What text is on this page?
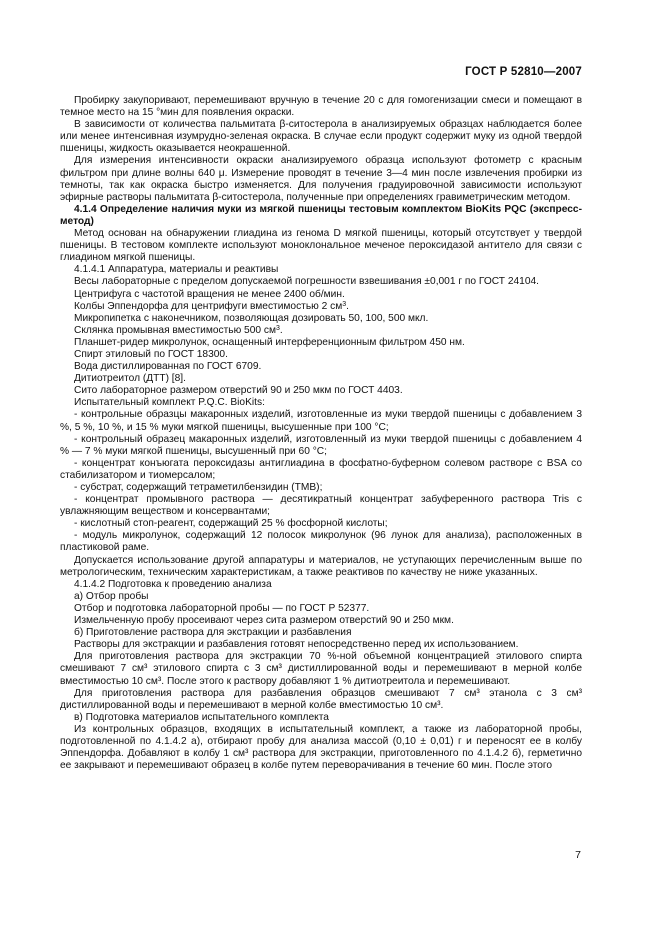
ГОСТ Р 52810—2007

Пробирку закупоривают, перемешивают вручную в течение 20 с для гомогенизации смеси и помещают в темное место на 15 °мин для появления окраски.

В зависимости от количества пальмитата β-ситостерола в анализируемых образцах наблюдается более или менее интенсивная изумрудно-зеленая окраска. В случае если продукт содержит муку из одной твердой пшеницы, жидкость оказывается неокрашенной.

Для измерения интенсивности окраски анализируемого образца используют фотометр с красным фильтром при длине волны 640 μ. Измерение проводят в течение 3—4 мин после извлечения пробирки из темноты, так как окраска быстро изменяется. Для получения градуировочной зависимости используют эфирные растворы пальмитата β-ситостерола, полученные при определениях гравиметрическим методом.

4.1.4 Определение наличия муки из мягкой пшеницы тестовым комплектом BioKits PQC (экспресс-метод)

Метод основан на обнаружении глиадина из генома D мягкой пшеницы, который отсутствует у твердой пшеницы. В тестовом комплекте используют моноклональное меченое пероксидазой антитело для связи с глиадином мягкой пшеницы.

4.1.4.1 Аппаратура, материалы и реактивы

Весы лабораторные с пределом допускаемой погрешности взвешивания ±0,001 г по ГОСТ 24104.

Центрифуга с частотой вращения не менее 2400 об/мин.

Колбы Эппендорфа для центрифуги вместимостью 2 $см^3$.

Микропипетка с наконечником, позволяющая дозировать 50, 100, 500 мкл.

Склянка промывная вместимостью 500 $см^3$.

Планшет-ридер микролунок, оснащенный интерференционным фильтром 450 нм.

Спирт этиловый по ГОСТ 18300.

Вода дистиллированная по ГОСТ 6709.

Дитиотреитол (ДТТ) [8].

Сито лабораторное размером отверстий 90 и 250 мкм по ГОСТ 4403.

Испытательный комплект P.Q.C. BioKits:

- контрольные образцы макаронных изделий, изготовленные из муки твердой пшеницы с добавлением 3 %, 5 %, 10 %, и 15 % муки мягкой пшеницы, высушенные при 100 °C;

- контрольный образец макаронных изделий, изготовленный из муки твердой пшеницы с добавлением 4 % — 7 % муки мягкой пшеницы, высушенный при 60 °C;

- концентрат конъюгата пероксидазы антиглиадина в фосфатно-буферном солевом растворе с BSA со стабилизатором и тиомерсалом;

- субстрат, содержащий тетраметилбензидин (TMB);

- концентрат промывного раствора — десятикратный концентрат забуференного раствора Tris с увлажняющим веществом и консервантами;

- кислотный стоп-реагент, содержащий 25 % фосфорной кислоты;

- модуль микролунок, содержащий 12 полосок микролунок (96 лунок для анализа), расположенных в пластиковой раме.

Допускается использование другой аппаратуры и материалов, не уступающих перечисленным выше по метрологическим, техническим характеристикам, а также реактивов по качеству не ниже указанных.

4.1.4.2 Подготовка к проведению анализа

а) Отбор пробы

Отбор и подготовка лабораторной пробы — по ГОСТ Р 52377.

Измельченную пробу просеивают через сита размером отверстий 90 и 250 мкм.

б) Приготовление раствора для экстракции и разбавления

Растворы для экстракции и разбавления готовят непосредственно перед их использованием.

Для приготовления раствора для экстракции 70 %-ной объемной концентрацией этилового спирта смешивают 7 см³ этилового спирта с 3 см³ дистиллированной воды и перемешивают в мерной колбе вместимостью 10 см³. После этого к раствору добавляют 1 % дитиотреитола и перемешивают.

Для приготовления раствора для разбавления образцов смешивают 7 см³ этанола с 3 см³ дистиллированной воды и перемешивают в мерной колбе вместимостью 10 см³.

в) Подготовка материалов испытательного комплекта

Из контрольных образцов, входящих в испытательный комплект, а также из лабораторной пробы, подготовленной по 4.1.4.2 а), отбирают пробу для анализа массой (0,10 ± 0,01) г и переносят ее в колбу Эппендорфа. Добавляют в колбу 1 см³ раствора для экстракции, приготовленного по 4.1.4.2 б), герметично ее закрывают и перемешивают образец в колбе путем переворачивания в течение 60 мин. После этого

7
